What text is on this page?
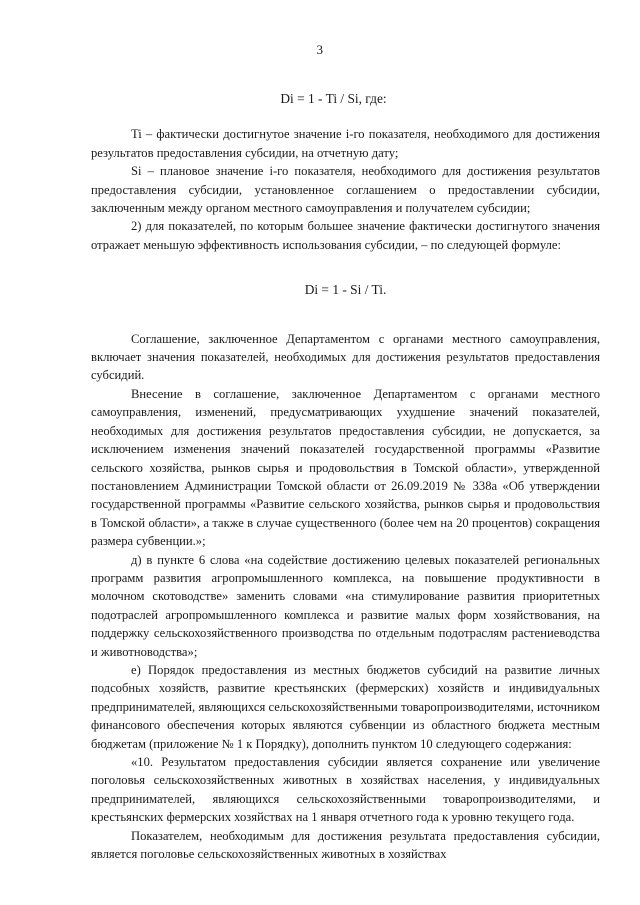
3
Di = 1 - Ti / Si, где:

Ti – фактически достигнутое значение i-го показателя, необходимого для достижения результатов предоставления субсидии, на отчетную дату;

Si – плановое значение i-го показателя, необходимого для достижения результатов предоставления субсидии, установленное соглашением о предоставлении субсидии, заключенным между органом местного самоуправления и получателем субсидии;

2) для показателей, по которым большее значение фактически достигнутого значения отражает меньшую эффективность использования субсидии, – по следующей формуле:

Di = 1 - Si / Ti.

Соглашение, заключенное Департаментом с органами местного самоуправления, включает значения показателей, необходимых для достижения результатов предоставления субсидий.

Внесение в соглашение, заключенное Департаментом с органами местного самоуправления, изменений, предусматривающих ухудшение значений показателей, необходимых для достижения результатов предоставления субсидии, не допускается, за исключением изменения значений показателей государственной программы «Развитие сельского хозяйства, рынков сырья и продовольствия в Томской области», утвержденной постановлением Администрации Томской области от 26.09.2019 № 338а «Об утверждении государственной программы «Развитие сельского хозяйства, рынков сырья и продовольствия в Томской области», а также в случае существенного (более чем на 20 процентов) сокращения размера субвенции.»;

д) в пункте 6 слова «на содействие достижению целевых показателей региональных программ развития агропромышленного комплекса, на повышение продуктивности в молочном скотоводстве» заменить словами «на стимулирование развития приоритетных подотраслей агропромышленного комплекса и развитие малых форм хозяйствования, на поддержку сельскохозяйственного производства по отдельным подотраслям растениеводства и животноводства»;

е) Порядок предоставления из местных бюджетов субсидий на развитие личных подсобных хозяйств, развитие крестьянских (фермерских) хозяйств и индивидуальных предпринимателей, являющихся сельскохозяйственными товаропроизводителями, источником финансового обеспечения которых являются субвенции из областного бюджета местным бюджетам (приложение № 1 к Порядку), дополнить пунктом 10 следующего содержания:

«10. Результатом предоставления субсидии является сохранение или увеличение поголовья сельскохозяйственных животных в хозяйствах населения, у индивидуальных предпринимателей, являющихся сельскохозяйственными товаропроизводителями, и крестьянских фермерских хозяйствах на 1 января отчетного года к уровню текущего года.

Показателем, необходимым для достижения результата предоставления субсидии, является поголовье сельскохозяйственных животных в хозяйствах
